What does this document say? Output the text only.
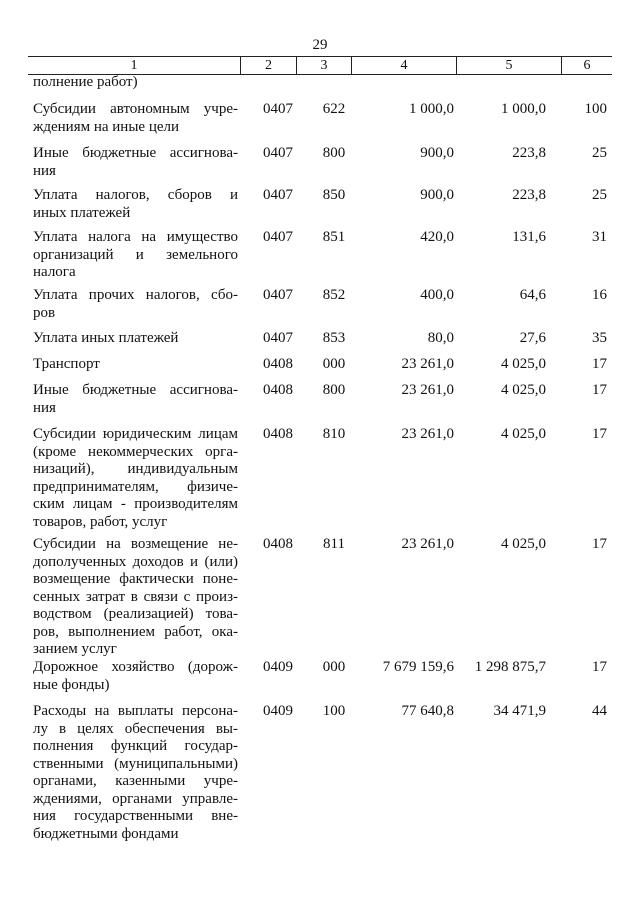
29
1	2	3	4	5	6
полнение работ)
Субсидии автономным учре-
ждениям на иные цели
0407	622	1 000,0	1 000,0	100
Иные бюджетные ассигнова-
ния
0407	800	900,0	223,8	25
Уплата налогов, сборов и
иных платежей
0407	850	900,0	223,8	25
Уплата налога на имущество
организаций и земельного
налога
0407	851	420,0	131,6	31
Уплата прочих налогов, сбо-
ров
0407	852	400,0	64,6	16
Уплата иных платежей	0407	853	80,0	27,6	35
Транспорт	0408	000	23 261,0	4 025,0	17
Иные бюджетные ассигнова-
ния
0408	800	23 261,0	4 025,0	17
Субсидии юридическим лицам
(кроме некоммерческих орга-
низаций), индивидуальным
предпринимателям, физиче-
ским лицам - производителям
товаров, работ, услуг
0408	810	23 261,0	4 025,0	17
Субсидии на возмещение не-
дополученных доходов и (или)
возмещение фактически поне-
сенных затрат в связи с произ-
водством (реализацией) това-
ров, выполнением работ, ока-
занием услуг
0408	811	23 261,0	4 025,0	17
Дорожное хозяйство (дорож-
ные фонды)
0409	000	7 679 159,6	1 298 875,7	17
Расходы на выплаты персона-
лу в целях обеспечения вы-
полнения функций государ-
ственными (муниципальными)
органами, казенными учре-
ждениями, органами управле-
ния государственными вне-
бюджетными фондами
0409	100	77 640,8	34 471,9	44
